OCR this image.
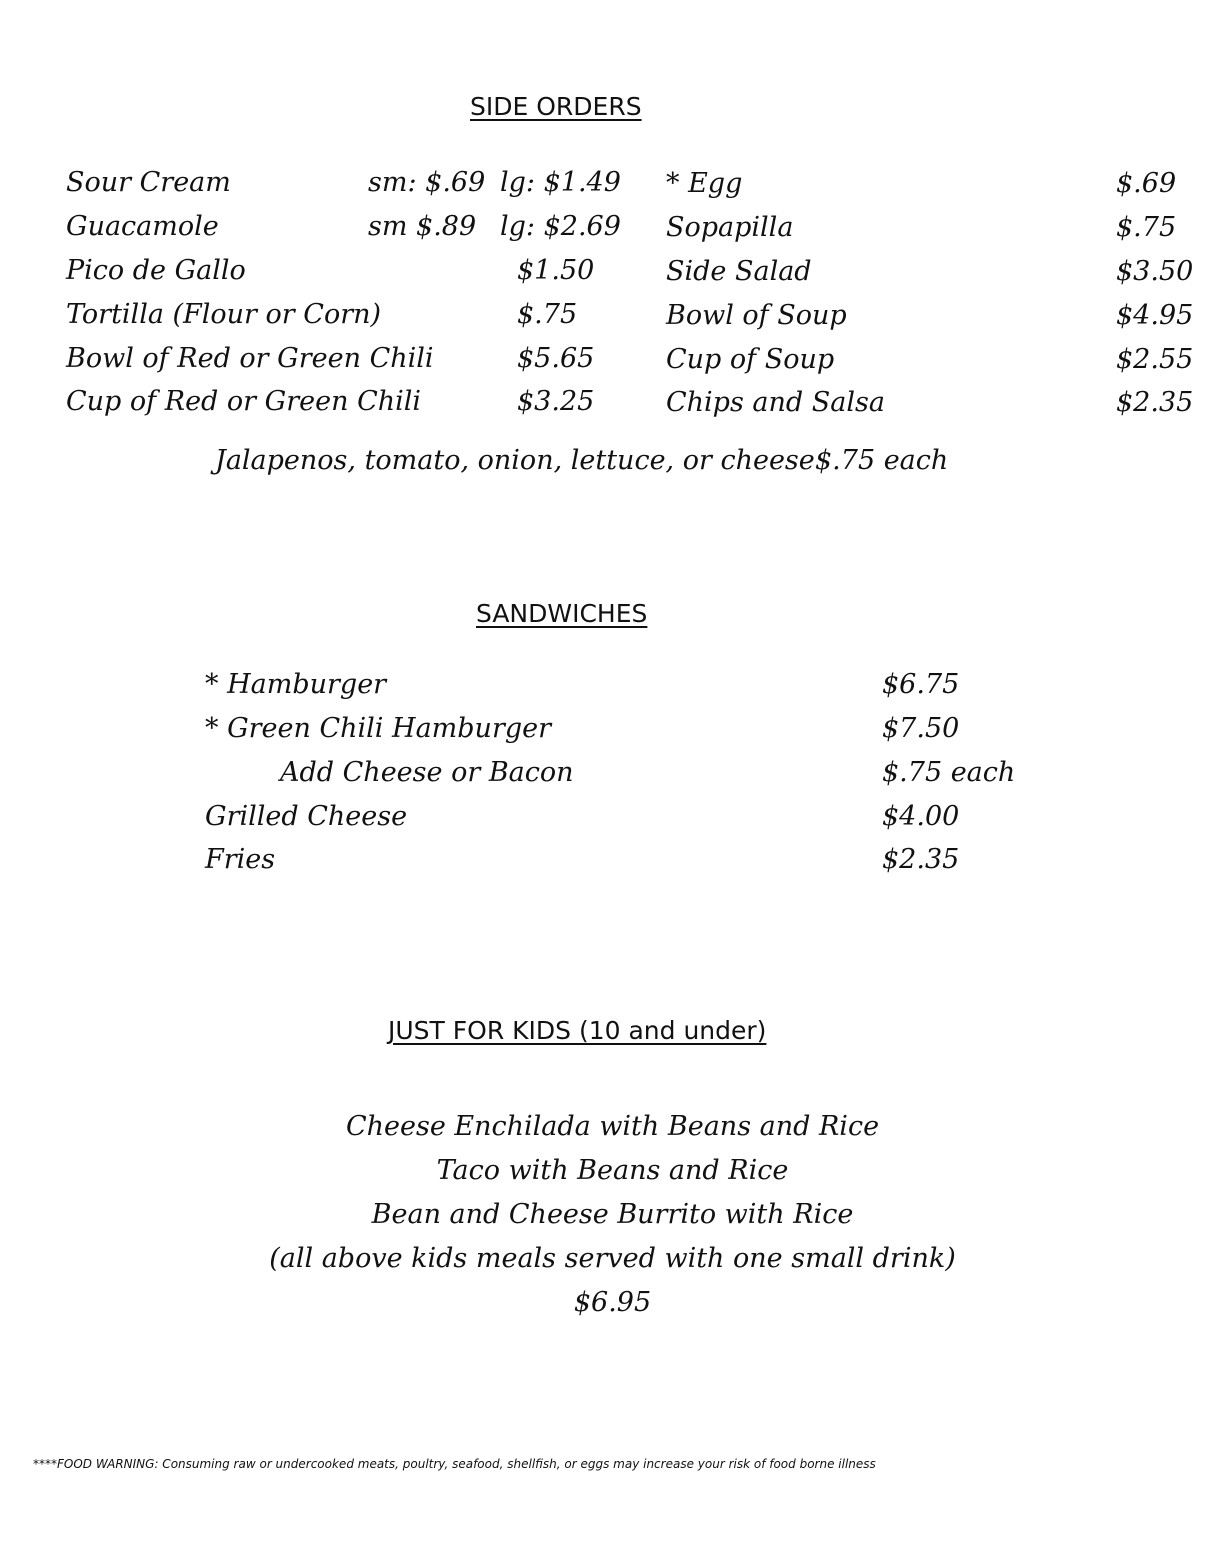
SIDE ORDERS
Sour Cream	sm: $.69 lg: $1.49
Guacamole	sm $.89 lg: $2.69
Pico de Gallo	$1.50
Tortilla (Flour or Corn)	$.75
Bowl of Red or Green Chili	$5.65
Cup of Red or Green Chili	$3.25
* Egg	$.69
Sopapilla	$.75
Side Salad	$3.50
Bowl of Soup	$4.95
Cup of Soup	$2.55
Chips and Salsa	$2.35
Jalapenos, tomato, onion, lettuce, or cheese $.75 each
SANDWICHES
* Hamburger	$6.75
* Green Chili Hamburger	$7.50
Add Cheese or Bacon	$.75 each
Grilled Cheese	$4.00
Fries	$2.35
JUST FOR KIDS (10 and under)
Cheese Enchilada with Beans and Rice
Taco with Beans and Rice
Bean and Cheese Burrito with Rice
(all above kids meals served with one small drink)
$6.95
****FOOD WARNING: Consuming raw or undercooked meats, poultry, seafood, shellfish, or eggs may increase your risk of food borne illness
